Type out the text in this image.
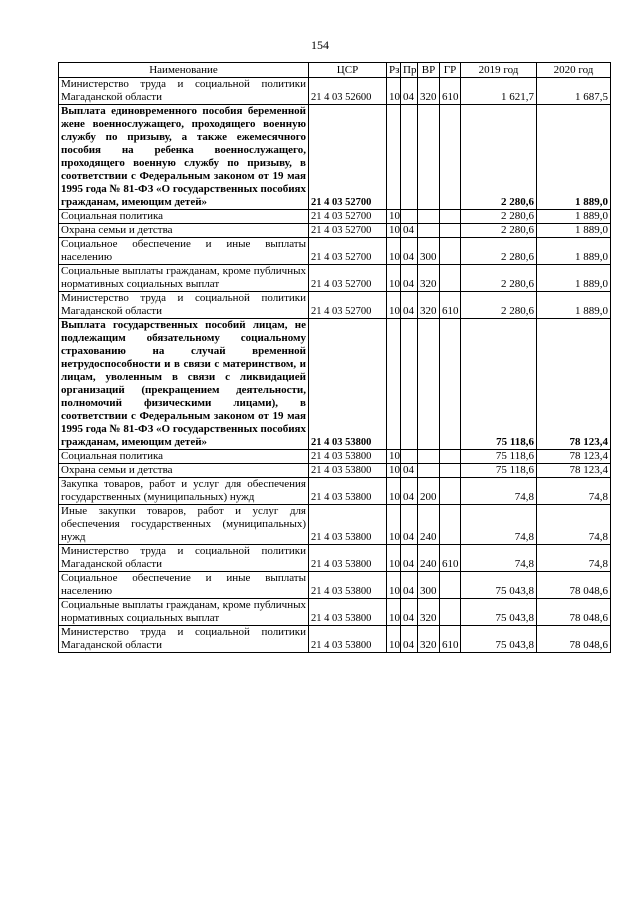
154
Наименование	ЦСР	Рз	Пр	ВР	ГР	2019 год	2020 год
Министерство труда и социальной политики Магаданской области	21 4 03 52600	10	04	320	610	1 621,7	1 687,5
Выплата единовременного пособия беременной жене военнослужащего, проходящего военную службу по призыву, а также ежемесячного пособия на ребенка военнослужащего, проходящего военную службу по призыву, в соответствии с Федеральным законом от 19 мая 1995 года № 81-ФЗ «О государственных пособиях гражданам, имеющим детей»	21 4 03 52700					2 280,6	1 889,0
Социальная политика	21 4 03 52700	10				2 280,6	1 889,0
Охрана семьи и детства	21 4 03 52700	10	04			2 280,6	1 889,0
Социальное обеспечение и иные выплаты населению	21 4 03 52700	10	04	300		2 280,6	1 889,0
Социальные выплаты гражданам, кроме публичных нормативных социальных выплат	21 4 03 52700	10	04	320		2 280,6	1 889,0
Министерство труда и социальной политики Магаданской области	21 4 03 52700	10	04	320	610	2 280,6	1 889,0
Выплата государственных пособий лицам, не подлежащим обязательному социальному страхованию на случай временной нетрудоспособности и в связи с материнством, и лицам, уволенным в связи с ликвидацией организаций (прекращением деятельности, полномочий физическими лицами), в соответствии с Федеральным законом от 19 мая 1995 года № 81-ФЗ «О государственных пособиях гражданам, имеющим детей»	21 4 03 53800					75 118,6	78 123,4
Социальная политика	21 4 03 53800	10				75 118,6	78 123,4
Охрана семьи и детства	21 4 03 53800	10	04			75 118,6	78 123,4
Закупка товаров, работ и услуг для обеспечения государственных (муниципальных) нужд	21 4 03 53800	10	04	200		74,8	74,8
Иные закупки товаров, работ и услуг для обеспечения государственных (муниципальных) нужд	21 4 03 53800	10	04	240		74,8	74,8
Министерство труда и социальной политики Магаданской области	21 4 03 53800	10	04	240	610	74,8	74,8
Социальное обеспечение и иные выплаты населению	21 4 03 53800	10	04	300		75 043,8	78 048,6
Социальные выплаты гражданам, кроме публичных нормативных социальных выплат	21 4 03 53800	10	04	320		75 043,8	78 048,6
Министерство труда и социальной политики Магаданской области	21 4 03 53800	10	04	320	610	75 043,8	78 048,6
